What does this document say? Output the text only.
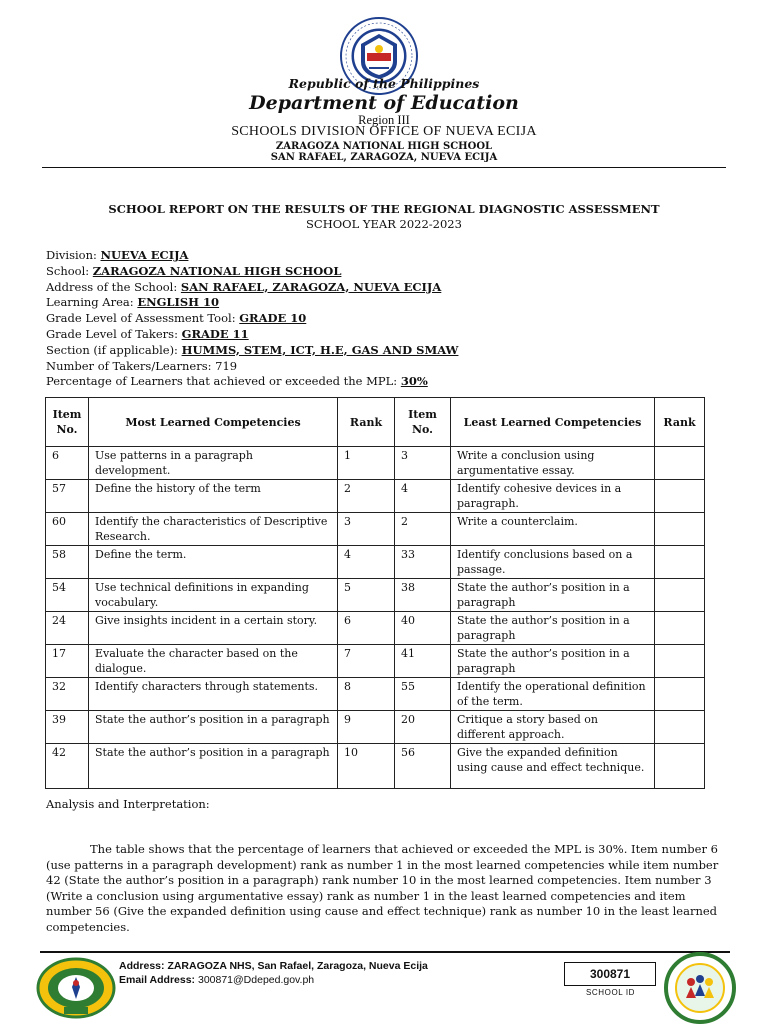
Republic of the Philippines
Department of Education
Region III
SCHOOLS DIVISION OFFICE OF NUEVA ECIJA
ZARAGOZA NATIONAL HIGH SCHOOL
SAN RAFAEL, ZARAGOZA, NUEVA ECIJA
SCHOOL REPORT ON THE RESULTS OF THE REGIONAL DIAGNOSTIC ASSESSMENT
SCHOOL YEAR 2022-2023
Division: NUEVA ECIJA
School: ZARAGOZA NATIONAL HIGH SCHOOL
Address of the School: SAN RAFAEL, ZARAGOZA, NUEVA ECIJA
Learning Area: ENGLISH 10
Grade Level of Assessment Tool: GRADE 10
Grade Level of Takers: GRADE 11
Section (if applicable): HUMMS, STEM, ICT, H.E, GAS AND SMAW
Number of Takers/Learners: 719
Percentage of Learners that achieved or exceeded the MPL: 30%
Item No.	Most Learned Competencies	Rank	Item No.	Least Learned Competencies	Rank
6	Use patterns in a paragraph development.	1	3	Write a conclusion using argumentative essay.	
57	Define the history of the term	2	4	Identify cohesive devices in a paragraph.	
60	Identify the characteristics of Descriptive Research.	3	2	Write a counterclaim.	
58	Define the term.	4	33	Identify conclusions based on a passage.	
54	Use technical definitions in expanding vocabulary.	5	38	State the author’s position in a paragraph	
24	Give insights incident in a certain story.	6	40	State the author’s position in a paragraph	
17	Evaluate the character based on the dialogue.	7	41	State the author’s position in a paragraph	
32	Identify characters through statements.	8	55	Identify the operational definition of the term.	
39	State the author’s position in a paragraph	9	20	Critique a story based on different approach.	
42	State the author’s position in a paragraph	10	56	Give the expanded definition using cause and effect technique.	
Analysis and Interpretation:
The table shows that the percentage of learners that achieved or exceeded the MPL is 30%. Item number 6 (use patterns in a paragraph development) rank as number 1 in the most learned competencies while item number 42 (State the author’s position in a paragraph) rank number 10 in the most learned competencies. Item number 3 (Write a conclusion using argumentative essay) rank as number 1 in the least learned competencies and item number 56 (Give the expanded definition using cause and effect technique) rank as number 10 in the least learned competencies.
Address: ZARAGOZA NHS, San Rafael, Zaragoza, Nueva Ecija
Email Address: 300871@Ddeped.gov.ph	300871
SCHOOL ID
